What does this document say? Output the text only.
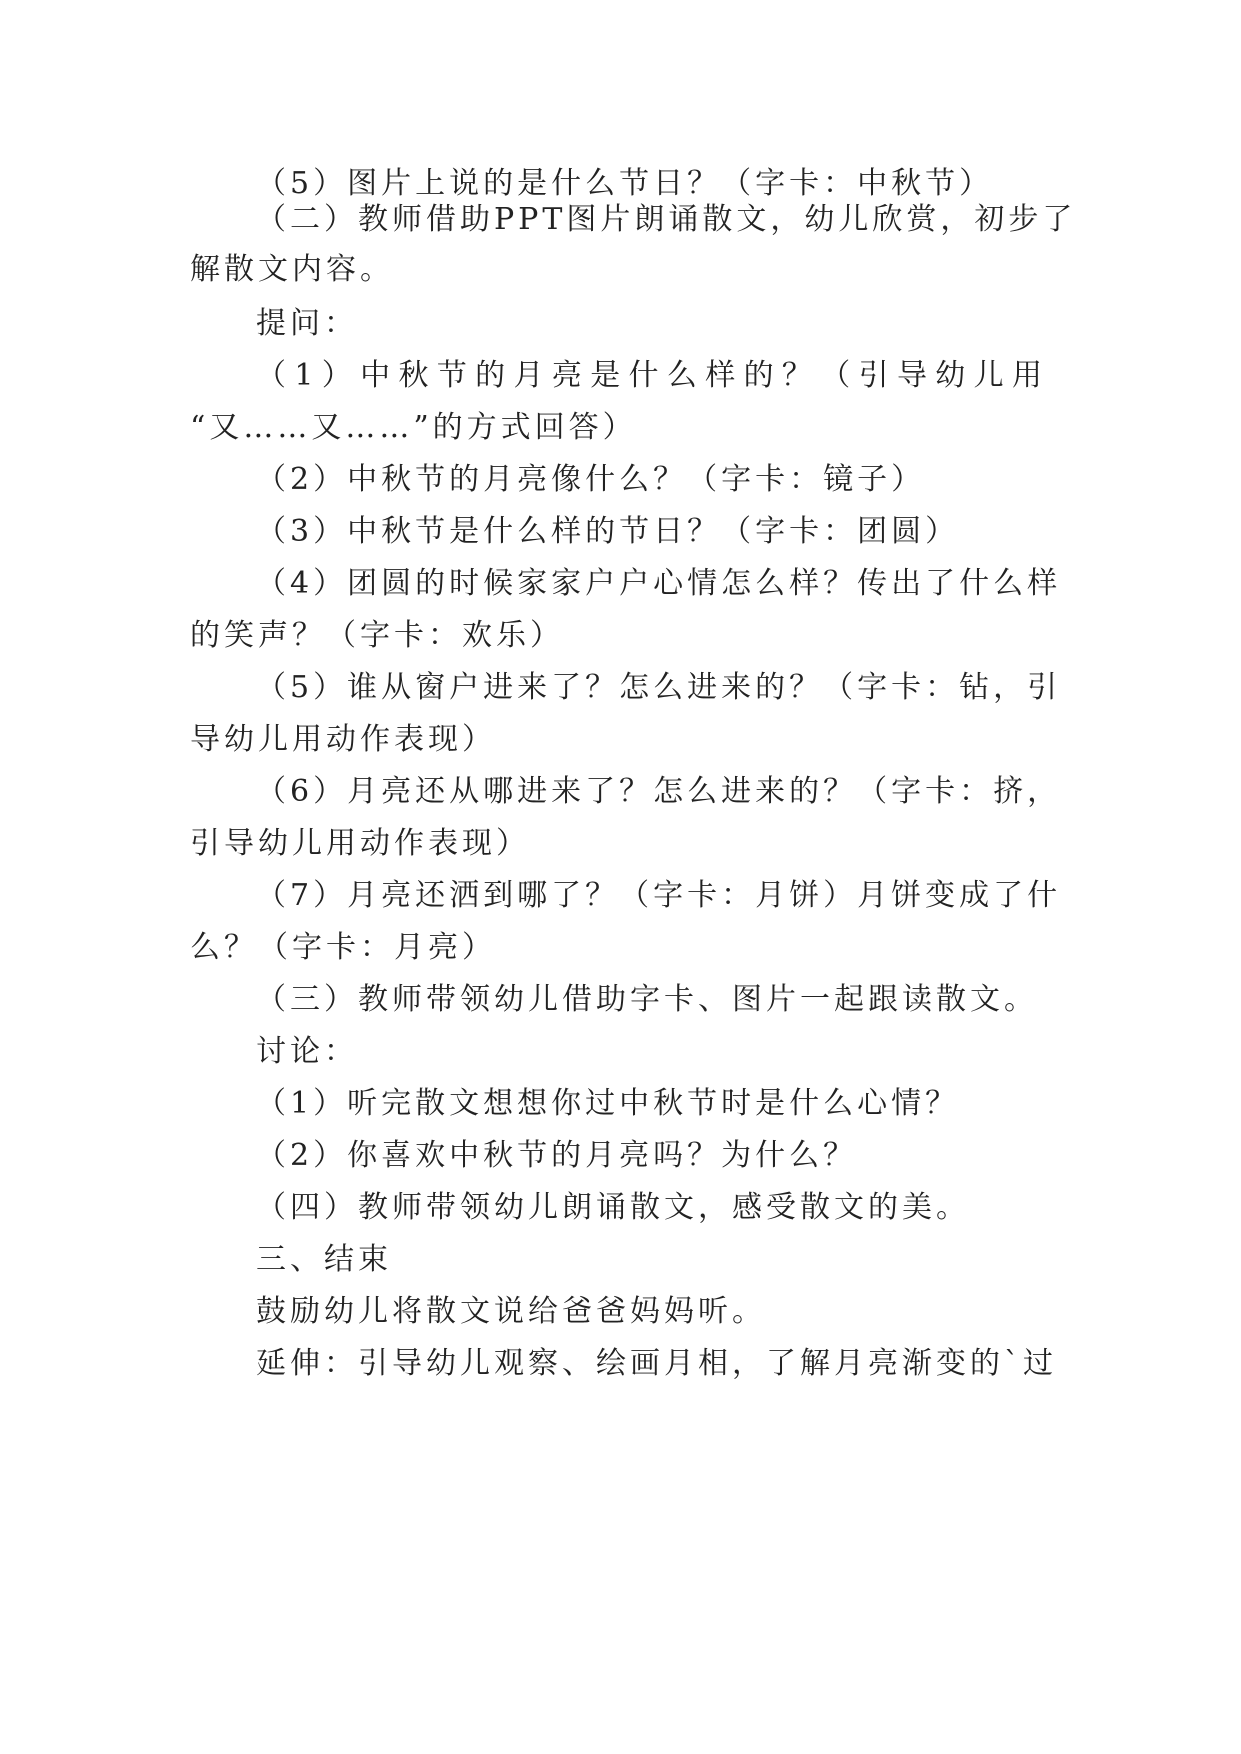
（5）图片上说的是什么节日？（字卡：中秋节）
（二）教师借助PPT图片朗诵散文，幼儿欣赏，初步了
解散文内容。
提问：
（1）中秋节的月亮是什么样的？（引导幼儿用
“又……又……”的方式回答）
（2）中秋节的月亮像什么？（字卡：镜子）
（3）中秋节是什么样的节日？（字卡：团圆）
（4）团圆的时候家家户户心情怎么样？传出了什么样
的笑声？（字卡：欢乐）
（5）谁从窗户进来了？怎么进来的？（字卡：钻，引
导幼儿用动作表现）
（6）月亮还从哪进来了？怎么进来的？（字卡：挤，
引导幼儿用动作表现）
（7）月亮还洒到哪了？（字卡：月饼）月饼变成了什
么？（字卡：月亮）
（三）教师带领幼儿借助字卡、图片一起跟读散文。
讨论：
（1）听完散文想想你过中秋节时是什么心情？
（2）你喜欢中秋节的月亮吗？为什么？
（四）教师带领幼儿朗诵散文，感受散文的美。
三、结束
鼓励幼儿将散文说给爸爸妈妈听。
延伸：引导幼儿观察、绘画月相，了解月亮渐变的`过
